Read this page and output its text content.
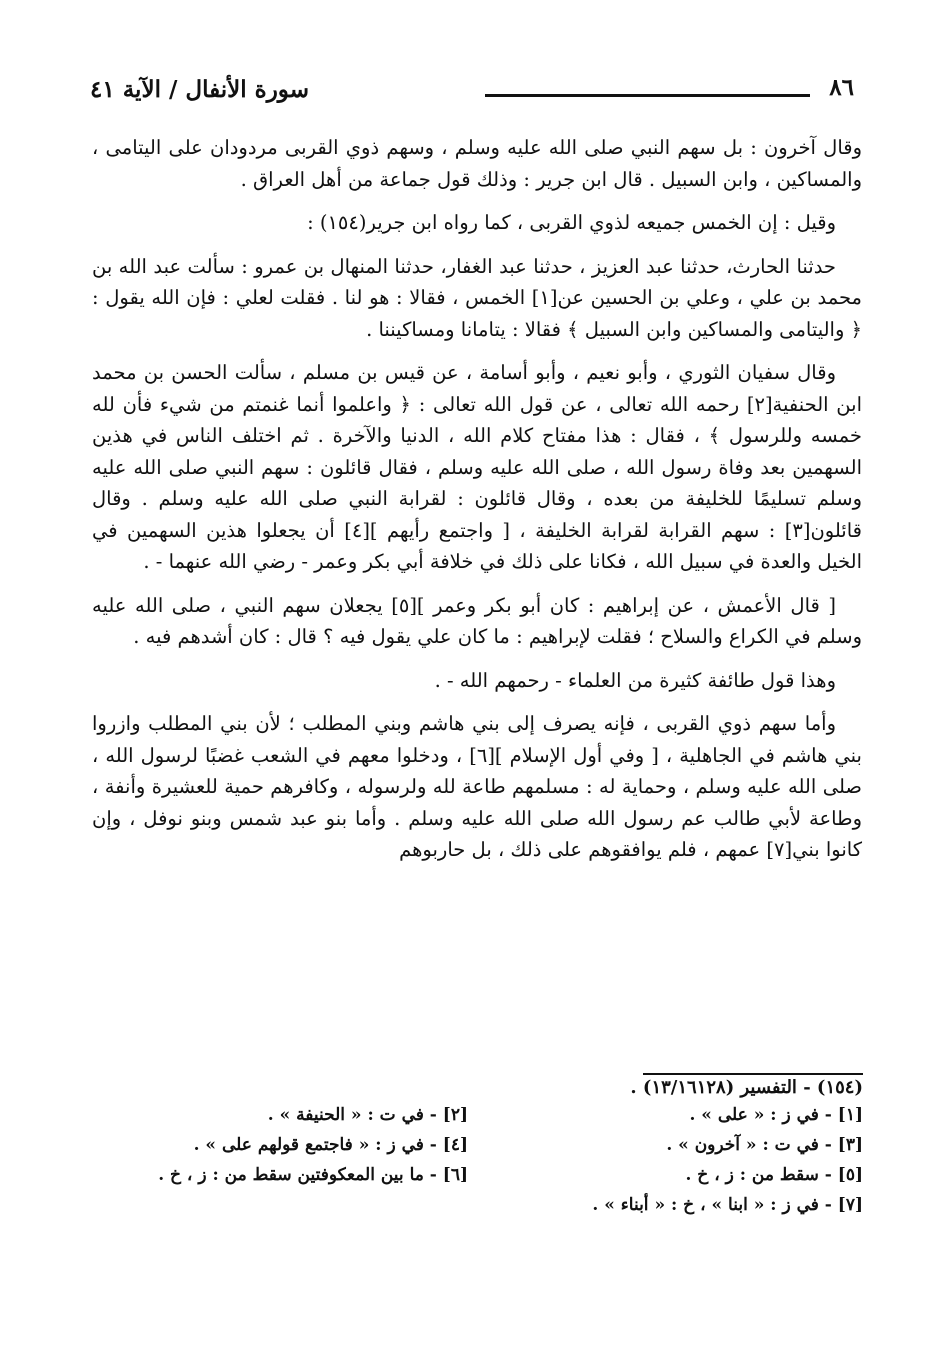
٨٦
سورة الأنفال / الآية ٤١

وقال آخرون : بل سهم النبي صلى الله عليه وسلم ، وسهم ذوي القربى مردودان على اليتامى ، والمساكين ، وابن السبيل . قال ابن جرير : وذلك قول جماعة من أهل العراق .

وقيل : إن الخمس جميعه لذوي القربى ، كما رواه ابن جرير(١٥٤) :

حدثنا الحارث، حدثنا عبد العزيز ، حدثنا عبد الغفار، حدثنا المنهال بن عمرو : سألت عبد الله بن محمد بن علي ، وعلي بن الحسين عن[١] الخمس ، فقالا : هو لنا . فقلت لعلي : فإن الله يقول : ﴿ واليتامى والمساكين وابن السبيل ﴾ فقالا : يتامانا ومساكيننا .

وقال سفيان الثوري ، وأبو نعيم ، وأبو أسامة ، عن قيس بن مسلم ، سألت الحسن بن محمد ابن الحنفية[٢] رحمه الله تعالى ، عن قول الله تعالى : ﴿ واعلموا أنما غنمتم من شيء فأن لله خمسه وللرسول ﴾ ، فقال : هذا مفتاح كلام الله ، الدنيا والآخرة . ثم اختلف الناس في هذين السهمين بعد وفاة رسول الله ، صلى الله عليه وسلم ، فقال قائلون : سهم النبي صلى الله عليه وسلم تسليمًا للخليفة من بعده ، وقال قائلون : لقرابة النبي صلى الله عليه وسلم . وقال قائلون[٣] : سهم القرابة لقرابة الخليفة ، [ واجتمع رأيهم ][٤] أن يجعلوا هذين السهمين في الخيل والعدة في سبيل الله ، فكانا على ذلك في خلافة أبي بكر وعمر - رضي الله عنهما - .

[ قال الأعمش ، عن إبراهيم : كان أبو بكر وعمر ][٥] يجعلان سهم النبي ، صلى الله عليه وسلم في الكراع والسلاح ؛ فقلت لإبراهيم : ما كان علي يقول فيه ؟ قال : كان أشدهم فيه .

وهذا قول طائفة كثيرة من العلماء - رحمهم الله - .

وأما سهم ذوي القربى ، فإنه يصرف إلى بني هاشم وبني المطلب ؛ لأن بني المطلب وازروا بني هاشم في الجاهلية ، [ وفي أول الإسلام ][٦] ، ودخلوا معهم في الشعب غضبًا لرسول الله ، صلى الله عليه وسلم ، وحماية له : مسلمهم طاعة لله ولرسوله ، وكافرهم حمية للعشيرة وأنفة ، وطاعة لأبي طالب عم رسول الله صلى الله عليه وسلم . وأما بنو عبد شمس وبنو نوفل ، وإن كانوا بني[٧] عمهم ، فلم يوافقوهم على ذلك ، بل حاربوهم

(١٥٤) - التفسير (١٣/١٦١٢٨) .
[١] - في ز : « على » .
[٢] - في ت : « الحنيفة » .
[٣] - في ت : « آخرون » .
[٤] - في ز : « فاجتمع قولهم على » .
[٥] - سقط من : ز ، خ .
[٦] - ما بين المعكوفتين سقط من : ز ، خ .
[٧] - في ز : « ابنا » ، خ : « أبناء » .
